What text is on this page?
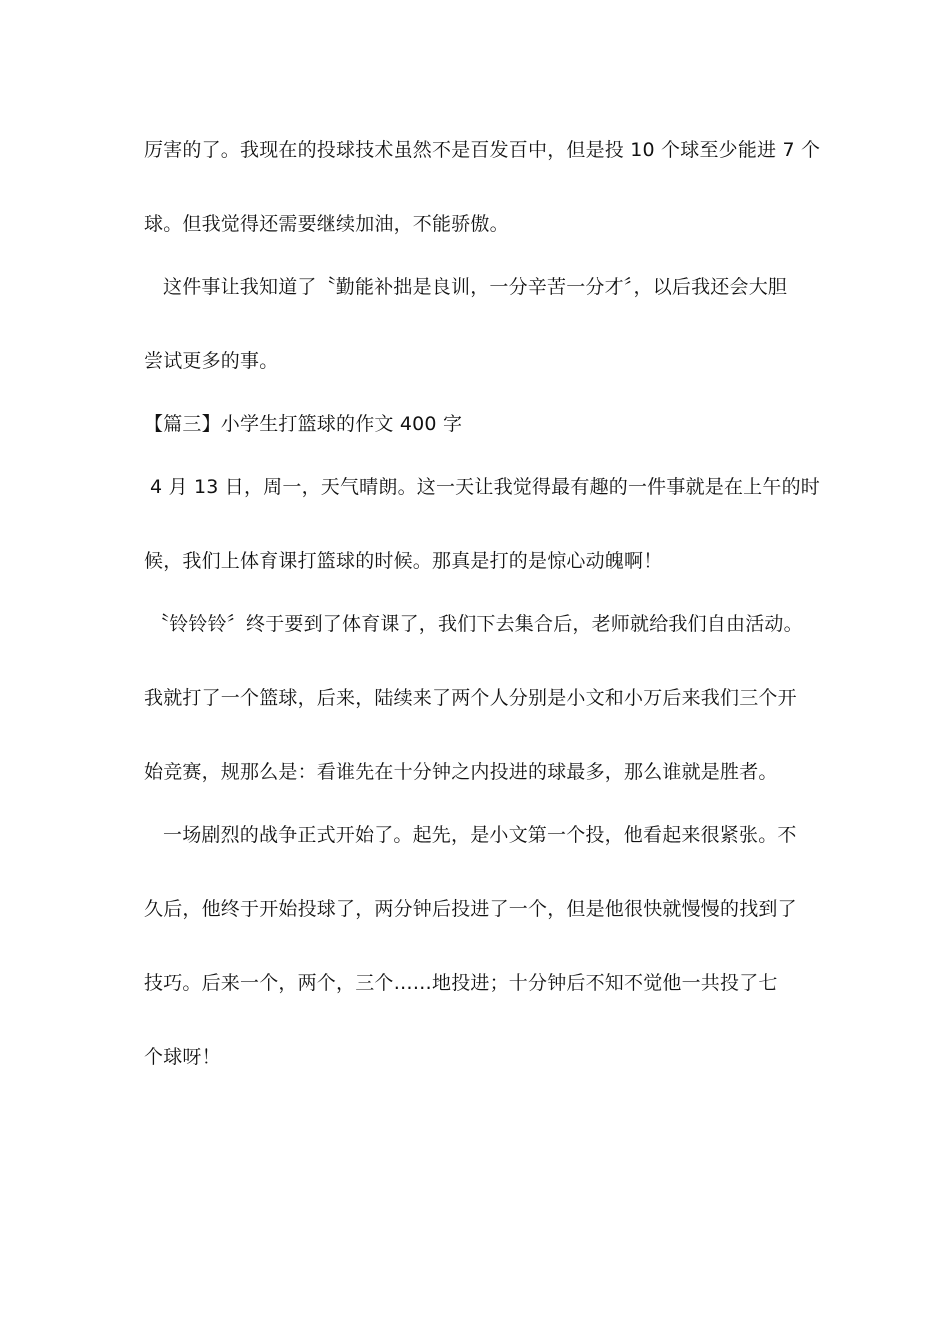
厉害的了。我现在的投球技术虽然不是百发百中，但是投 10 个球至少能进 7 个
球。但我觉得还需要继续加油，不能骄傲。
这件事让我知道了〝勤能补拙是良训，一分辛苦一分才〞，以后我还会大胆
尝试更多的事。
【篇三】小学生打篮球的作文 400 字
4 月 13 日，周一，天气晴朗。这一天让我觉得最有趣的一件事就是在上午的时
候，我们上体育课打篮球的时候。那真是打的是惊心动魄啊！
〝铃铃铃〞终于要到了体育课了，我们下去集合后，老师就给我们自由活动。
我就打了一个篮球，后来，陆续来了两个人分别是小文和小万后来我们三个开
始竞赛，规那么是：看谁先在十分钟之内投进的球最多，那么谁就是胜者。
一场剧烈的战争正式开始了。起先，是小文第一个投，他看起来很紧张。不
久后，他终于开始投球了，两分钟后投进了一个，但是他很快就慢慢的找到了
技巧。后来一个，两个，三个……地投进；十分钟后不知不觉他一共投了七
个球呀！
